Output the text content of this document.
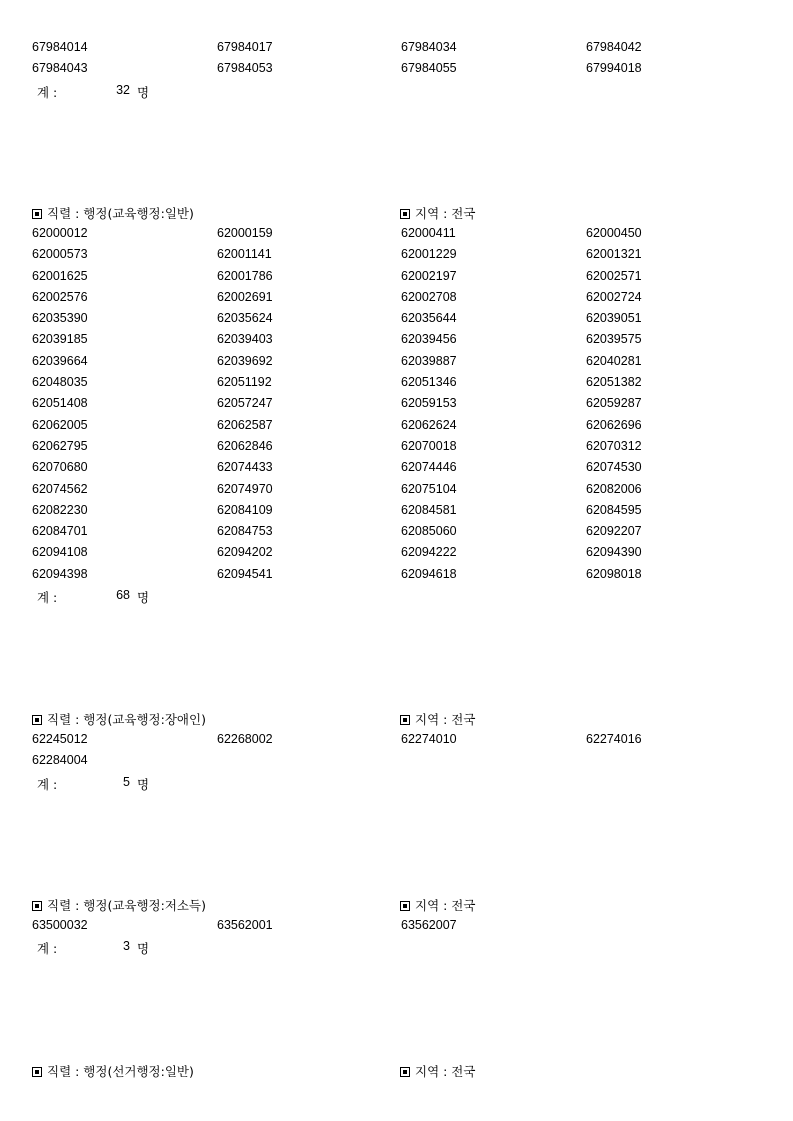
67984014	67984017	67984034	67984042
67984043	67984053	67984055	67994018
계 :	32 명
직렬 : 행정(교육행정:일반)	지역 : 전국
62000012	62000159	62000411	62000450
62000573	62001141	62001229	62001321
62001625	62001786	62002197	62002571
62002576	62002691	62002708	62002724
62035390	62035624	62035644	62039051
62039185	62039403	62039456	62039575
62039664	62039692	62039887	62040281
62048035	62051192	62051346	62051382
62051408	62057247	62059153	62059287
62062005	62062587	62062624	62062696
62062795	62062846	62070018	62070312
62070680	62074433	62074446	62074530
62074562	62074970	62075104	62082006
62082230	62084109	62084581	62084595
62084701	62084753	62085060	62092207
62094108	62094202	62094222	62094390
62094398	62094541	62094618	62098018
계 :	68 명
직렬 : 행정(교육행정:장애인)	지역 : 전국
62245012	62268002	62274010	62274016
62284004
계 :	5 명
직렬 : 행정(교육행정:저소득)	지역 : 전국
63500032	63562001	63562007
계 :	3 명
직렬 : 행정(선거행정:일반)	지역 : 전국
